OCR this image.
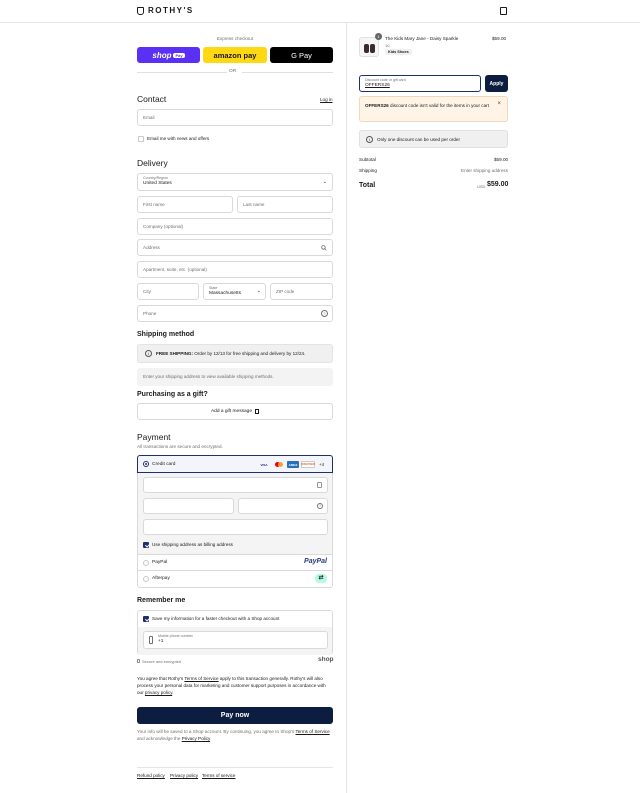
ROTHY'S
Express checkout
shop	Pay	amazon pay	G Pay
OR
Contact	Log in
Email
Email me with news and offers
Delivery
Country/Region
United States	⌄
First name	Last name
Company (optional)
Address
Apartment, suite, etc. (optional)
City
State
Massachusetts	⌄	ZIP code
Phone	?
Shipping method
i	FREE SHIPPING: Order by 12/13 for free shipping and delivery by 12/24.
Enter your shipping address to view available shipping methods.
Purchasing as a gift?
Add a gift message
Payment
All transactions are secure and encrypted.
Credit card	VISA	AMEX	DISCOVER +4
?
Use shipping address as billing address
PayPal	PayPal
Afterpay	⇄
Remember me
Save my information for a faster checkout with a Shop account
Mobile phone number
+1
Secure and encrypted	shop
You agree that Rothy's Terms of Service apply to this transaction generally. Rothy's will also process your personal data for marketing and customer support purposes in accordance with our privacy policy.
Pay now
Your info will be saved to a Shop account. By continuing, you agree to Shop's Terms of Service and acknowledge the Privacy Policy.
Refund policy Privacy policy Terms of service
1	The Kids Mary Jane - Daisy Sparkle
10
Kids Shoes
$59.00
Discount code or gift card
OFFERS26	Apply
OFFERS26 discount code isn't valid for the items in your cart ×
i	Only one discount can be used per order
Subtotal	$59.00
Shipping	Enter shipping address
Total	USD $59.00
